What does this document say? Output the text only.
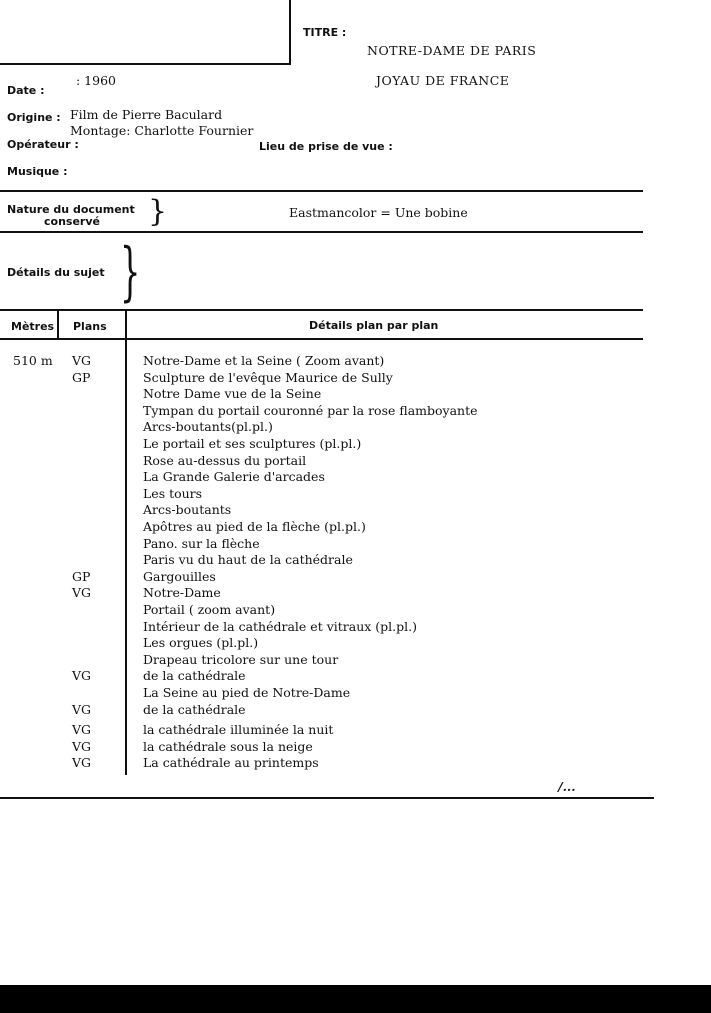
TITRE :
NOTRE-DAME DE PARIS
JOYAU DE FRANCE
Date :
: 1960
Origine : Film de Pierre Baculard
Montage: Charlotte Fournier
Opérateur :	Lieu de prise de vue :
Musique :
Nature du document
conservé }	Eastmancolor = Une bobine
Détails du sujet }
Mètres Plans	Détails plan par plan
510 m VG	Notre-Dame et la Seine ( Zoom avant)
GP	Sculpture de l'evêque Maurice de Sully
Notre Dame vue de la Seine
Tympan du portail couronné par la rose flamboyante
Arcs-boutants(pl.pl.)
Le portail et ses sculptures (pl.pl.)
Rose au-dessus du portail
La Grande Galerie d'arcades
Les tours
Arcs-boutants
Apôtres au pied de la flèche (pl.pl.)
Pano. sur la flèche
Paris vu du haut de la cathédrale
GP	Gargouilles
VG	Notre-Dame
Portail ( zoom avant)
Intérieur de la cathédrale et vitraux (pl.pl.)
Les orgues (pl.pl.)
Drapeau tricolore sur une tour
VG	de la cathédrale
La Seine au pied de Notre-Dame
VG	de la cathédrale
VG	la cathédrale illuminée la nuit
VG	la cathédrale sous la neige
VG	La cathédrale au printemps
/...
